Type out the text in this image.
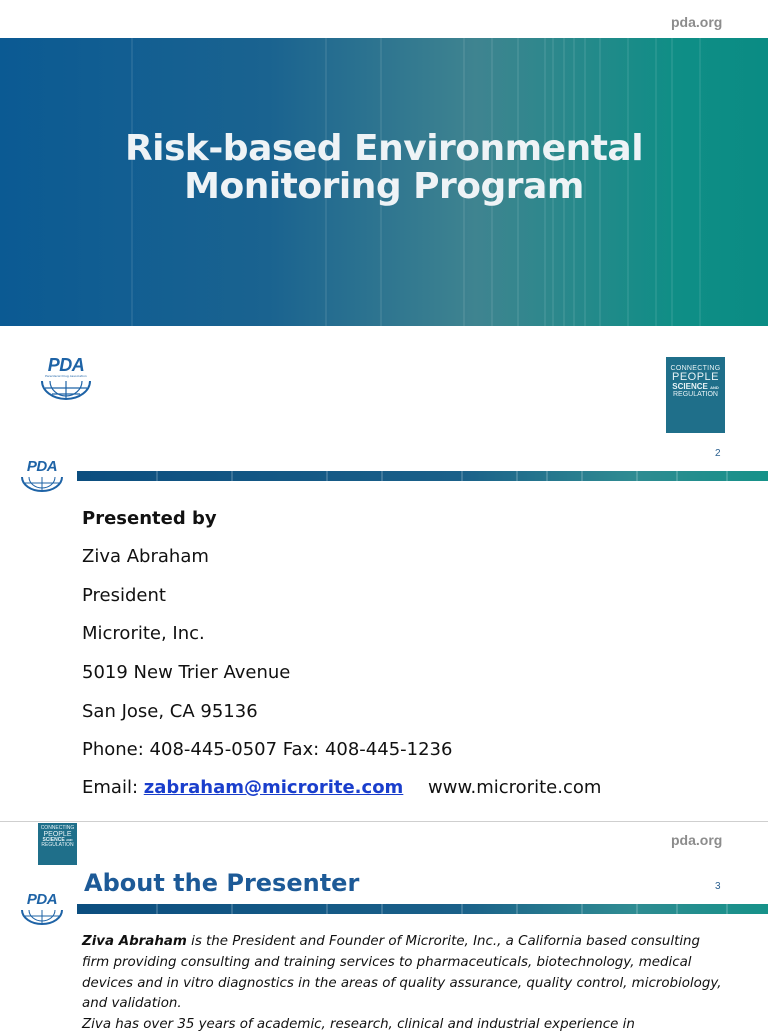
pda.org
Risk-based Environmental
Monitoring Program
PDA
Parenteral Drug Association
CONNECTING
PEOPLE
SCIENCE AND
REGULATION
PDA
2
Presented by
Ziva Abraham
President
Microrite, Inc.
5019 New Trier Avenue
San Jose, CA 95136
Phone: 408-445-0507 Fax: 408-445-1236
Email: zabraham@microrite.com www.microrite.com
CONNECTING
PEOPLE
SCIENCE AND
REGULATION	pda.org
About the Presenter	3
PDA

Ziva Abraham is the President and Founder of Microrite, Inc., a California based consulting firm providing consulting and training services to pharmaceuticals, biotechnology, medical devices and in vitro diagnostics in the areas of quality assurance, quality control, microbiology, and validation.

Ziva has over 35 years of academic, research, clinical and industrial experience in
